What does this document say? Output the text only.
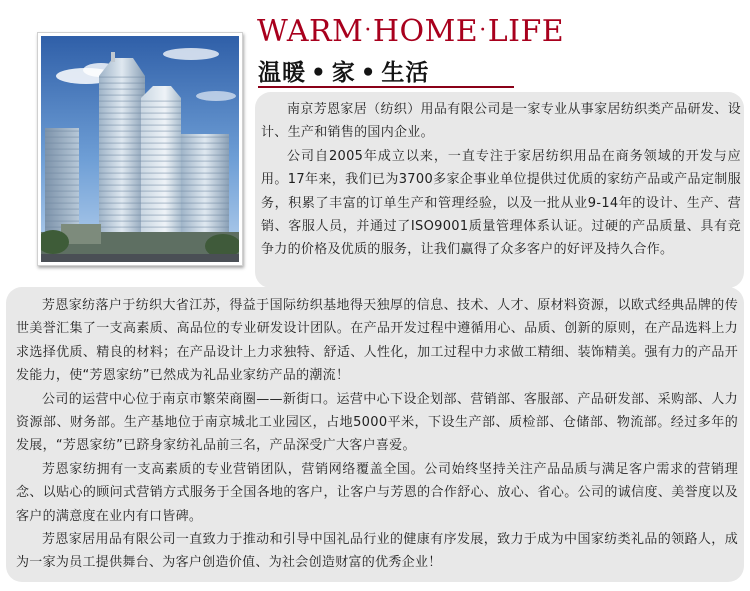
WARM·HOME·LIFE
温暖 • 家 • 生活

南京芳恩家居（纺织）用品有限公司是一家专业从事家居纺织类产品研发、设计、生产和销售的国内企业。

公司自2005年成立以来，一直专注于家居纺织用品在商务领域的开发与应用。17年来，我们已为3700多家企事业单位提供过优质的家纺产品或产品定制服务，积累了丰富的订单生产和管理经验，以及一批从业9-14年的设计、生产、营销、客服人员，并通过了ISO9001质量管理体系认证。过硬的产品质量、具有竞争力的价格及优质的服务，让我们赢得了众多客户的好评及持久合作。

芳恩家纺落户于纺织大省江苏，得益于国际纺织基地得天独厚的信息、技术、人才、原材料资源，以欧式经典品牌的传世美誉汇集了一支高素质、高品位的专业研发设计团队。在产品开发过程中遵循用心、品质、创新的原则，在产品选料上力求选择优质、精良的材料；在产品设计上力求独特、舒适、人性化，加工过程中力求做工精细、装饰精美。强有力的产品开发能力，使“芳恩家纺”已然成为礼品业家纺产品的潮流！

公司的运营中心位于南京市繁荣商圈——新街口。运营中心下设企划部、营销部、客服部、产品研发部、采购部、人力资源部、财务部。生产基地位于南京城北工业园区，占地5000平米，下设生产部、质检部、仓储部、物流部。经过多年的发展，“芳恩家纺”已跻身家纺礼品前三名，产品深受广大客户喜爱。

芳恩家纺拥有一支高素质的专业营销团队，营销网络覆盖全国。公司始终坚持关注产品品质与满足客户需求的营销理念、以贴心的顾问式营销方式服务于全国各地的客户，让客户与芳恩的合作舒心、放心、省心。公司的诚信度、美誉度以及客户的满意度在业内有口皆碑。

芳恩家居用品有限公司一直致力于推动和引导中国礼品行业的健康有序发展，致力于成为中国家纺类礼品的领路人，成为一家为员工提供舞台、为客户创造价值、为社会创造财富的优秀企业！
